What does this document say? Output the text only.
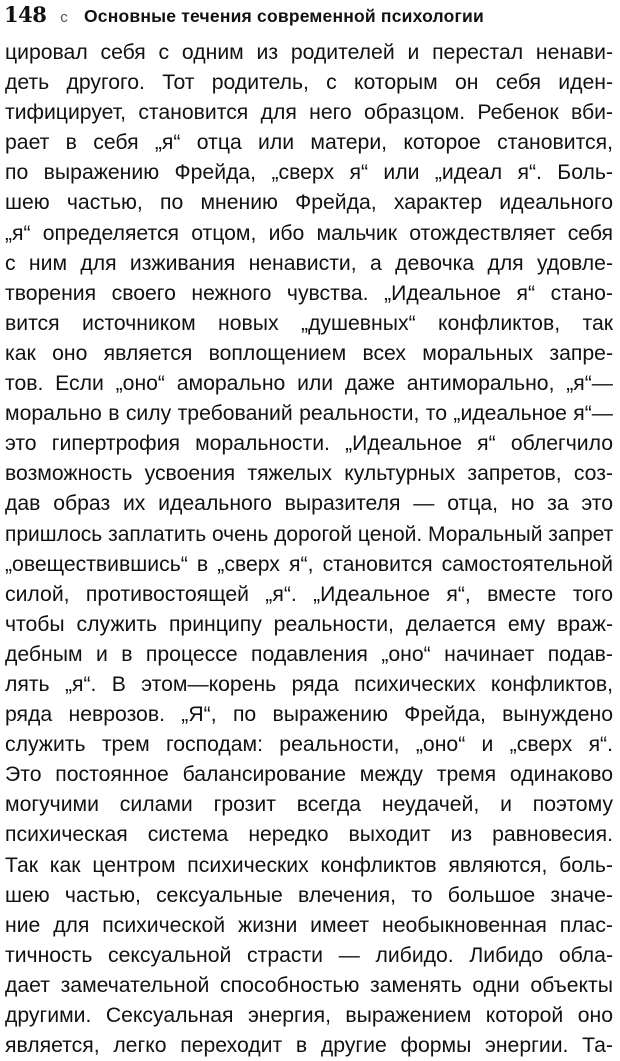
148 c Основные течения современной психологии
цировал себя с одним из родителей и перестал ненави-
деть другого. Тот родитель, с которым он себя иден-
тифицирует, становится для него образцом. Ребенок вби-
рает в себя „я“ отца или матери, которое становится,
по выражению Фрейда, „сверх я“ или „идеал я“. Боль-
шею частью, по мнению Фрейда, характер идеального
„я“ определяется отцом, ибо мальчик отождествляет себя
с ним для изживания ненависти, а девочка для удовле-
творения своего нежного чувства. „Идеальное я“ стано-
вится источником новых „душевных“ конфликтов, так
как оно является воплощением всех моральных запре-
тов. Если „оно“ аморально или даже антиморально, „я“—
морально в силу требований реальности, то „идеальное я“—
это гипертрофия моральности. „Идеальное я“ облегчило
возможность усвоения тяжелых культурных запретов, соз-
дав образ их идеального выразителя — отца, но за это
пришлось заплатить очень дорогой ценой. Моральный запрет
„овеществившись“ в „сверх я“, становится самостоятельной
силой, противостоящей „я“. „Идеальное я“, вместе того
чтобы служить принципу реальности, делается ему враж-
дебным и в процессе подавления „оно“ начинает подав-
лять „я“. В этом—корень ряда психических конфликтов,
ряда неврозов. „Я“, по выражению Фрейда, вынуждено
служить трем господам: реальности, „оно“ и „сверх я“.
Это постоянное балансирование между тремя одинаково
могучими силами грозит всегда неудачей, и поэтому
психическая система нередко выходит из равновесия.
Так как центром психических конфликтов являются, боль-
шею частью, сексуальные влечения, то большое значе-
ние для психической жизни имеет необыкновенная плас-
тичность сексуальной страсти — либидо. Либидо обла-
дает замечательной способностью заменять одни объекты
другими. Сексуальная энергия, выражением которой оно
является, легко переходит в другие формы энергии. Та-
